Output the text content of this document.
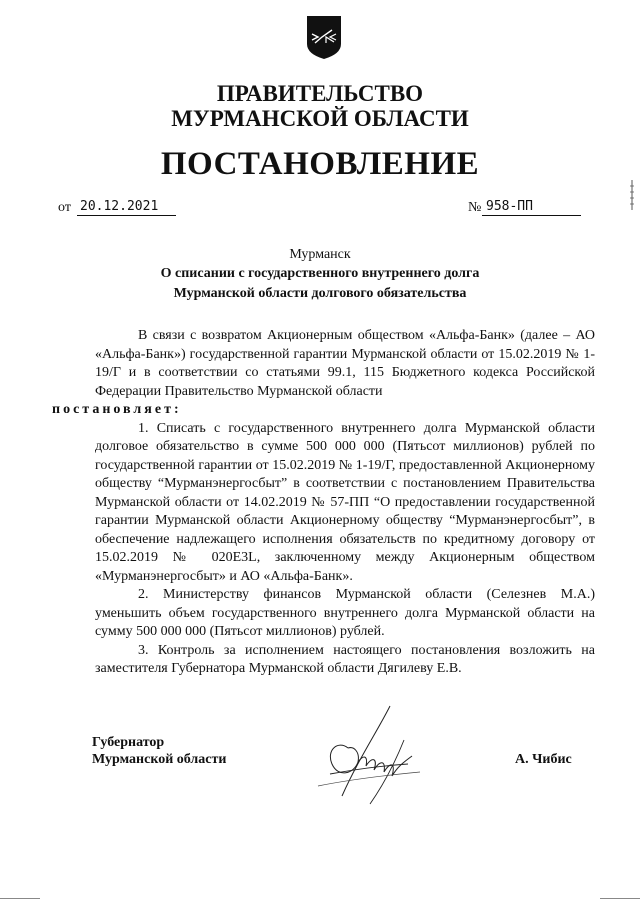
ПРАВИТЕЛЬСТВО
МУРМАНСКОЙ ОБЛАСТИ
ПОСТАНОВЛЕНИЕ
от 20.12.2021	№ 958-ПП
Мурманск
О списании с государственного внутреннего долга
Мурманской области долгового обязательства

В связи с возвратом Акционерным обществом «Альфа-Банк» (далее – АО «Альфа-Банк») государственной гарантии Мурманской области от 15.02.2019 № 1-19/Г и в соответствии со статьями 99.1, 115 Бюджетного кодекса Российской Федерации Правительство Мурманской области
постановляет:

1. Списать с государственного внутреннего долга Мурманской области долговое обязательство в сумме 500 000 000 (Пятьсот миллионов) рублей по государственной гарантии от 15.02.2019 № 1-19/Г, предоставленной Акционерному обществу “Мурманэнергосбыт” в соответствии с постановлением Правительства Мурманской области от 14.02.2019 № 57-ПП “О предоставлении государственной гарантии Мурманской области Акционерному обществу “Мурманэнергосбыт”, в обеспечение надлежащего исполнения обязательств по кредитному договору от 15.02.2019 № 020E3L, заключенному между Акционерным обществом «Мурманэнергосбыт» и АО «Альфа-Банк».

2. Министерству финансов Мурманской области (Селезнев М.А.) уменьшить объем государственного внутреннего долга Мурманской области на сумму 500 000 000 (Пятьсот миллионов) рублей.

3. Контроль за исполнением настоящего постановления возложить на заместителя Губернатора Мурманской области Дягилеву Е.В.

Губернатор
Мурманской области	А. Чибис
